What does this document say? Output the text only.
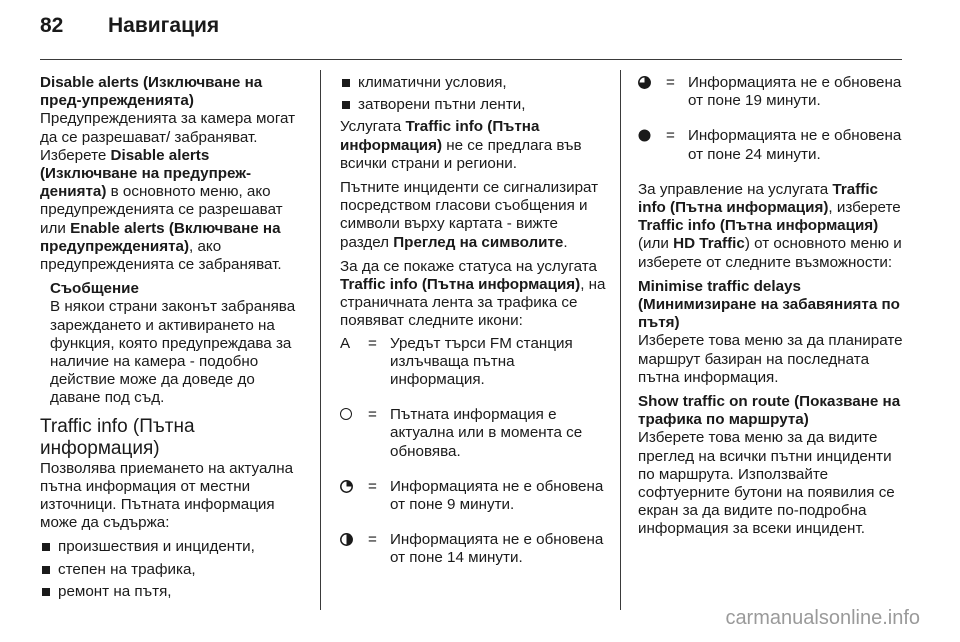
82 Навигация

Disable alerts (Изключване на пред‐упрежденията)
Предупрежденията за камера могат да се разрешават/ забраняват. Изберете Disable alerts (Изключване на предупреж‐денията) в основното меню, ако предупрежденията се разрешават или Enable alerts (Включване на предупрежденията), ако предупрежденията се забраняват.

Съобщение
В някои страни законът забранява зареждането и активирането на функция, която предупреждава за наличие на камера - подобно действие може да доведе до даване под съд.
Traffic info (Пътна информация)

Позволява приемането на актуална пътна информация от местни източници. Пътната информация може да съдържа:

произшествия и инциденти,
степен на трафика,
ремонт на пътя,
климатични условия,
затворени пътни ленти,

Услугата Traffic info (Пътна информация) не се предлага във всички страни и региони.

Пътните инциденти се сигнализират посредством гласови съобщения и символи върху картата - вижте раздел Преглед на символите.

За да се покаже статуса на услугата Traffic info (Пътна информация), на страничната лента за трафика се появяват следните икони:

A	= Уредът търси FM станция излъчваща пътна информация.
= Пътната информация е актуална или в момента се обновява.
= Информацията не е обновена от поне 9 минути.
= Информацията не е обновена от поне 14 минути.
= Информацията не е обновена от поне 19 минути.
= Информацията не е обновена от поне 24 минути.

За управление на услугата Traffic info (Пътна информация), изберете Traffic info (Пътна информация) (или HD Traffic) от основното меню и изберете от следните възможности:

Minimise traffic delays (Минимизиране на забавянията по пътя)
Изберете това меню за да планирате маршрут базиран на последната пътна информация.

Show traffic on route (Показване на трафика по маршрута)
Изберете това меню за да видите преглед на всички пътни инциденти по маршрута. Използвайте софтуерните бутони на появилия се екран за да видите по-подробна информация за всеки инцидент.

carmanualsonline.info
